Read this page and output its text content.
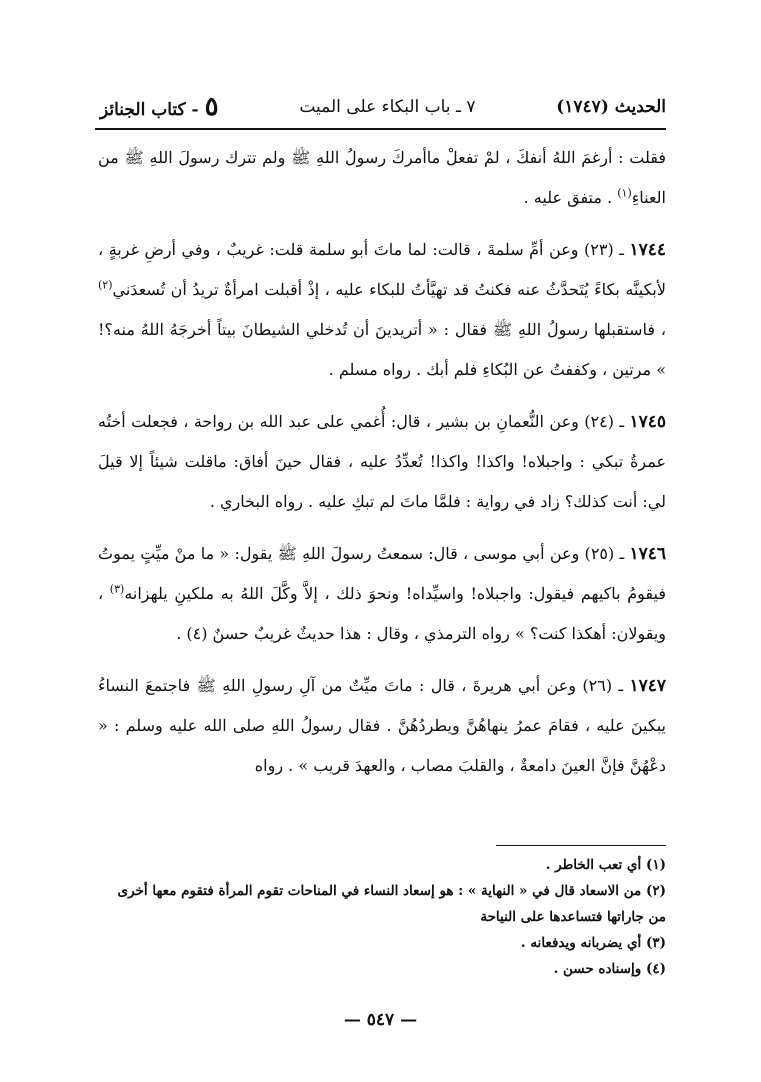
٥- كتاب الجنائز	٧ ـ باب البكاء على الميت	الحديث (١٧٤٧)

فقلت : أرغمَ اللهُ أنفكَ ، لمْ تفعلْ ماأمركَ رسولُ اللهِ ﷺ ولم تترك رسولَ اللهِ ﷺ من العناءِ$^{(١)}$ . متفق عليه .

١٧٤٤ ـ (٢٣) وعن أمِّ سلمةَ ، قالت: لما ماتَ أبو سلمة قلت: غريبٌ ، وفي أرضِ غربةٍ ، لأبكينَّه بكاءً يُتَحدَّثُ عنه فكنتُ قد تهيَّأتُ للبكاء عليه ، إذْ أقبلت امرأةٌ تريدُ أن تُسعدَني$^{(٢)}$ ، فاستقبلها رسولُ اللهِ ﷺ فقال : « أتريدينَ أن تُدخلي الشيطانَ بيتاً أخرجَهُ اللهُ منه؟! » مرتين ، وكففتُ عن البُكاءِ فلم أبك . رواه مسلم .

١٧٤٥ ـ (٢٤) وعن النُّعمانِ بن بشير ، قال: أُغمي على عبد الله بن رواحة ، فجعلت أختُه عمرةُ تبكي : واجبلاه! واكذا! واكذا! تُعدِّدُ عليه ، فقال حينَ أفاق: ماقلت شيئاً إلا قيلَ لي: أنت كذلك؟ زاد في رواية : فلمَّا ماتَ لم تبكِ عليه . رواه البخاري .

١٧٤٦ ـ (٢٥) وعن أبي موسى ، قال: سمعتُ رسولَ اللهِ ﷺ يقول: « ما منْ ميِّتٍ يموتُ فيقومُ باكيهم فيقول: واجبلاه! واسيِّداه! ونحوَ ذلك ، إلاَّ وكَّلَ اللهُ به ملكينِ يلهزانه$^{(٣)}$ ، ويقولان: أهكذا كنت؟ » رواه الترمذي ، وقال : هذا حديثٌ غريبٌ حسنٌ (٤) .

١٧٤٧ ـ (٢٦) وعن أبي هريرةَ ، قال : ماتَ ميِّتٌ من آلِ رسولِ اللهِ ﷺ فاجتمعَ النساءُ يبكينَ عليه ، فقامَ عمرُ ينهاهُنَّ ويطردُهُنَّ . فقال رسولُ اللهِ صلى الله عليه وسلم : « دعْهُنَّ فإنَّ العينَ دامعةٌ ، والقلبَ مصاب ، والعهدَ قريب » . رواه

(١) أي تعب الخاطر .

(٢) من الاسعاد قال في « النهاية » : هو إسعاد النساء في المناحات تقوم المرأة فتقوم معها أخرى من جاراتها فتساعدها على النياحة

(٣) أي يضربانه ويدفعانه .

(٤) وإسناده حسن .

— ٥٤٧ —
